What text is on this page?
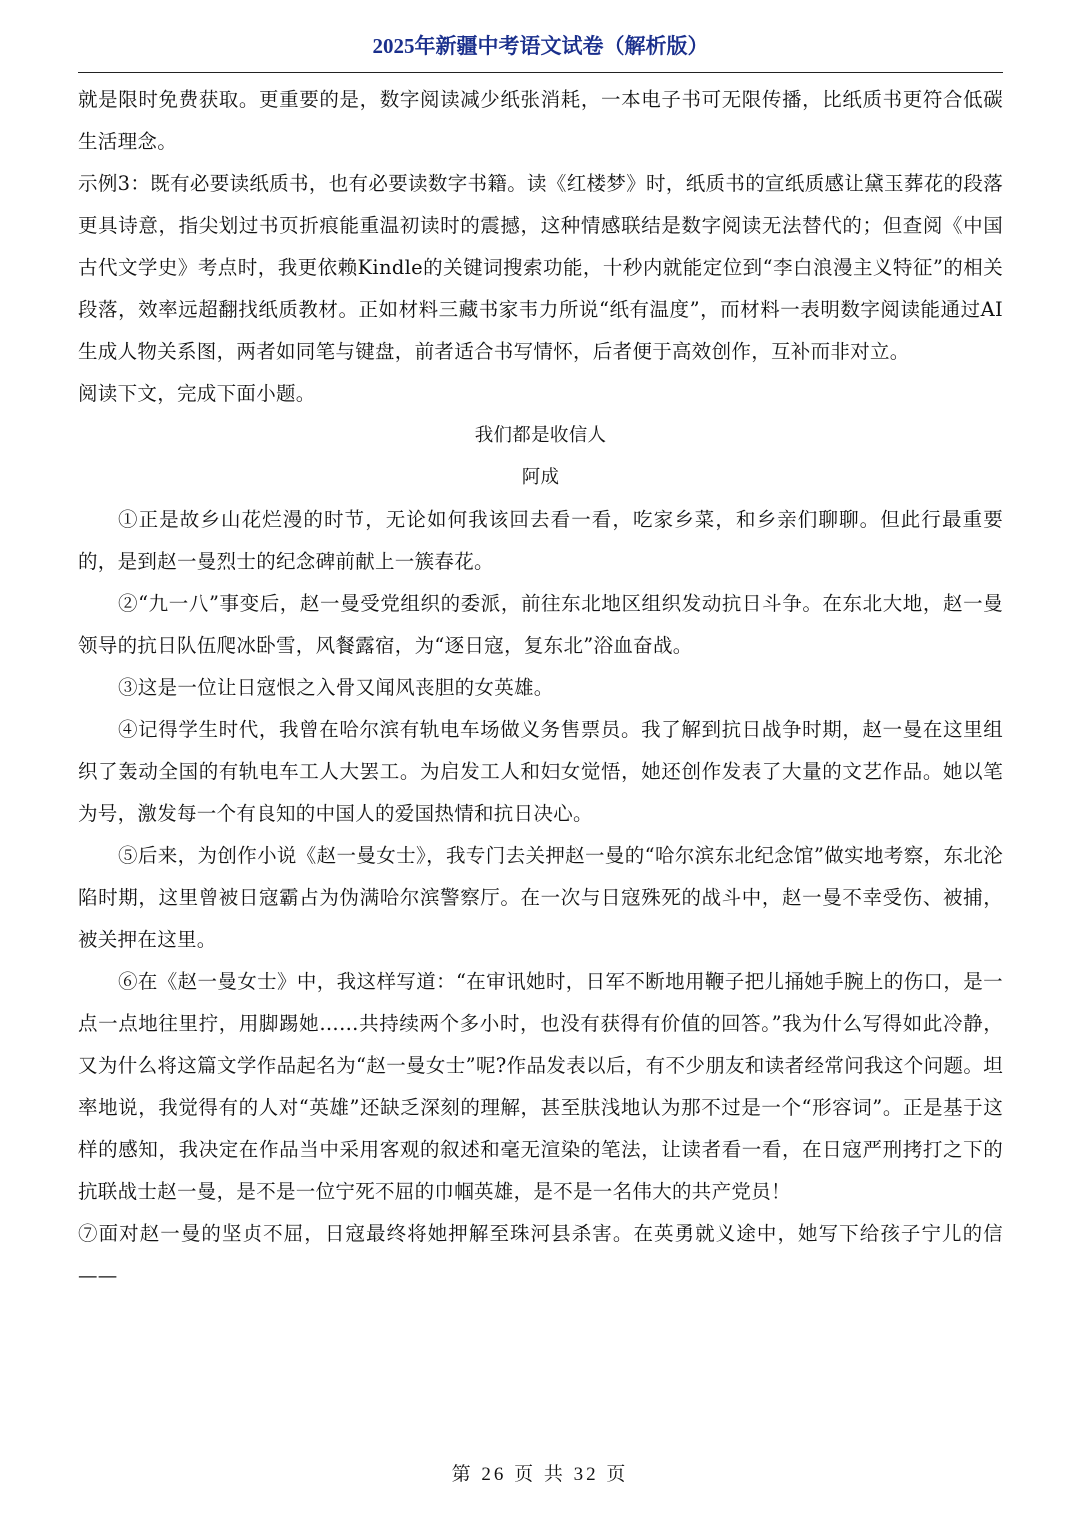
2025年新疆中考语文试卷（解析版）

就是限时免费获取。更重要的是，数字阅读减少纸张消耗，一本电子书可无限传播，比纸质书更符合低碳生活理念。

示例3：既有必要读纸质书，也有必要读数字书籍。读《红楼梦》时，纸质书的宣纸质感让黛玉葬花的段落更具诗意，指尖划过书页折痕能重温初读时的震撼，这种情感联结是数字阅读无法替代的；但查阅《中国古代文学史》考点时，我更依赖Kindle的关键词搜索功能，十秒内就能定位到“李白浪漫主义特征”的相关段落，效率远超翻找纸质教材。正如材料三藏书家韦力所说“纸有温度”，而材料一表明数字阅读能通过AI生成人物关系图，两者如同笔与键盘，前者适合书写情怀，后者便于高效创作，互补而非对立。

阅读下文，完成下面小题。

我们都是收信人

阿成

①正是故乡山花烂漫的时节，无论如何我该回去看一看，吃家乡菜，和乡亲们聊聊。但此行最重要的，是到赵一曼烈士的纪念碑前献上一簇春花。

②“九一八”事变后，赵一曼受党组织的委派，前往东北地区组织发动抗日斗争。在东北大地，赵一曼领导的抗日队伍爬冰卧雪，风餐露宿，为“逐日寇，复东北”浴血奋战。

③这是一位让日寇恨之入骨又闻风丧胆的女英雄。

④记得学生时代，我曾在哈尔滨有轨电车场做义务售票员。我了解到抗日战争时期，赵一曼在这里组织了轰动全国的有轨电车工人大罢工。为启发工人和妇女觉悟，她还创作发表了大量的文艺作品。她以笔为号，激发每一个有良知的中国人的爱国热情和抗日决心。

⑤后来，为创作小说《赵一曼女士》，我专门去关押赵一曼的“哈尔滨东北纪念馆”做实地考察，东北沦陷时期，这里曾被日寇霸占为伪满哈尔滨警察厅。在一次与日寇殊死的战斗中，赵一曼不幸受伤、被捕，被关押在这里。

⑥在《赵一曼女士》中，我这样写道：“在审讯她时，日军不断地用鞭子把儿捅她手腕上的伤口，是一点一点地往里拧，用脚踢她……共持续两个多小时，也没有获得有价值的回答。”我为什么写得如此冷静，又为什么将这篇文学作品起名为“赵一曼女士”呢?作品发表以后，有不少朋友和读者经常问我这个问题。坦率地说，我觉得有的人对“英雄”还缺乏深刻的理解，甚至肤浅地认为那不过是一个“形容词”。正是基于这样的感知，我决定在作品当中采用客观的叙述和毫无渲染的笔法，让读者看一看，在日寇严刑拷打之下的抗联战士赵一曼，是不是一位宁死不屈的巾帼英雄，是不是一名伟大的共产党员！

⑦面对赵一曼的坚贞不屈，日寇最终将她押解至珠河县杀害。在英勇就义途中，她写下给孩子宁儿的信——

第 26 页 共 32 页
